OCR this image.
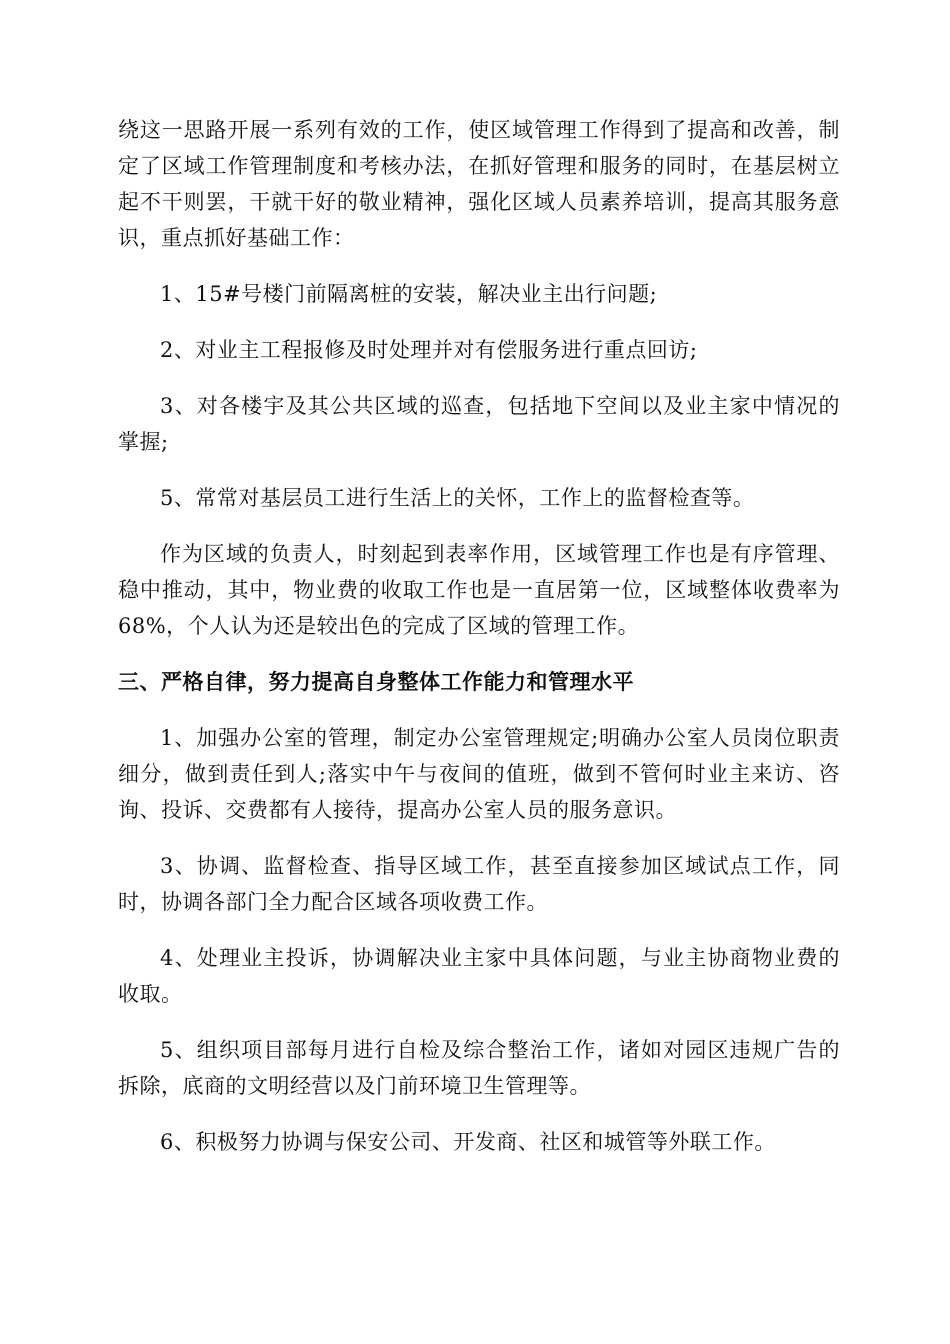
绕这一思路开展一系列有效的工作，使区域管理工作得到了提高和改善，制定了区域工作管理制度和考核办法，在抓好管理和服务的同时，在基层树立起不干则罢，干就干好的敬业精神，强化区域人员素养培训，提高其服务意识，重点抓好基础工作：

1、15#号楼门前隔离桩的安装，解决业主出行问题;

2、对业主工程报修及时处理并对有偿服务进行重点回访;

3、对各楼宇及其公共区域的巡查，包括地下空间以及业主家中情况的掌握;

5、常常对基层员工进行生活上的关怀，工作上的监督检查等。

作为区域的负责人，时刻起到表率作用，区域管理工作也是有序管理、稳中推动，其中，物业费的收取工作也是一直居第一位，区域整体收费率为68%，个人认为还是较出色的完成了区域的管理工作。

三、严格自律，努力提高自身整体工作能力和管理水平

1、加强办公室的管理，制定办公室管理规定;明确办公室人员岗位职责细分，做到责任到人;落实中午与夜间的值班，做到不管何时业主来访、咨询、投诉、交费都有人接待，提高办公室人员的服务意识。

3、协调、监督检查、指导区域工作，甚至直接参加区域试点工作，同时，协调各部门全力配合区域各项收费工作。

4、处理业主投诉，协调解决业主家中具体问题，与业主协商物业费的收取。

5、组织项目部每月进行自检及综合整治工作，诸如对园区违规广告的拆除，底商的文明经营以及门前环境卫生管理等。

6、积极努力协调与保安公司、开发商、社区和城管等外联工作。
